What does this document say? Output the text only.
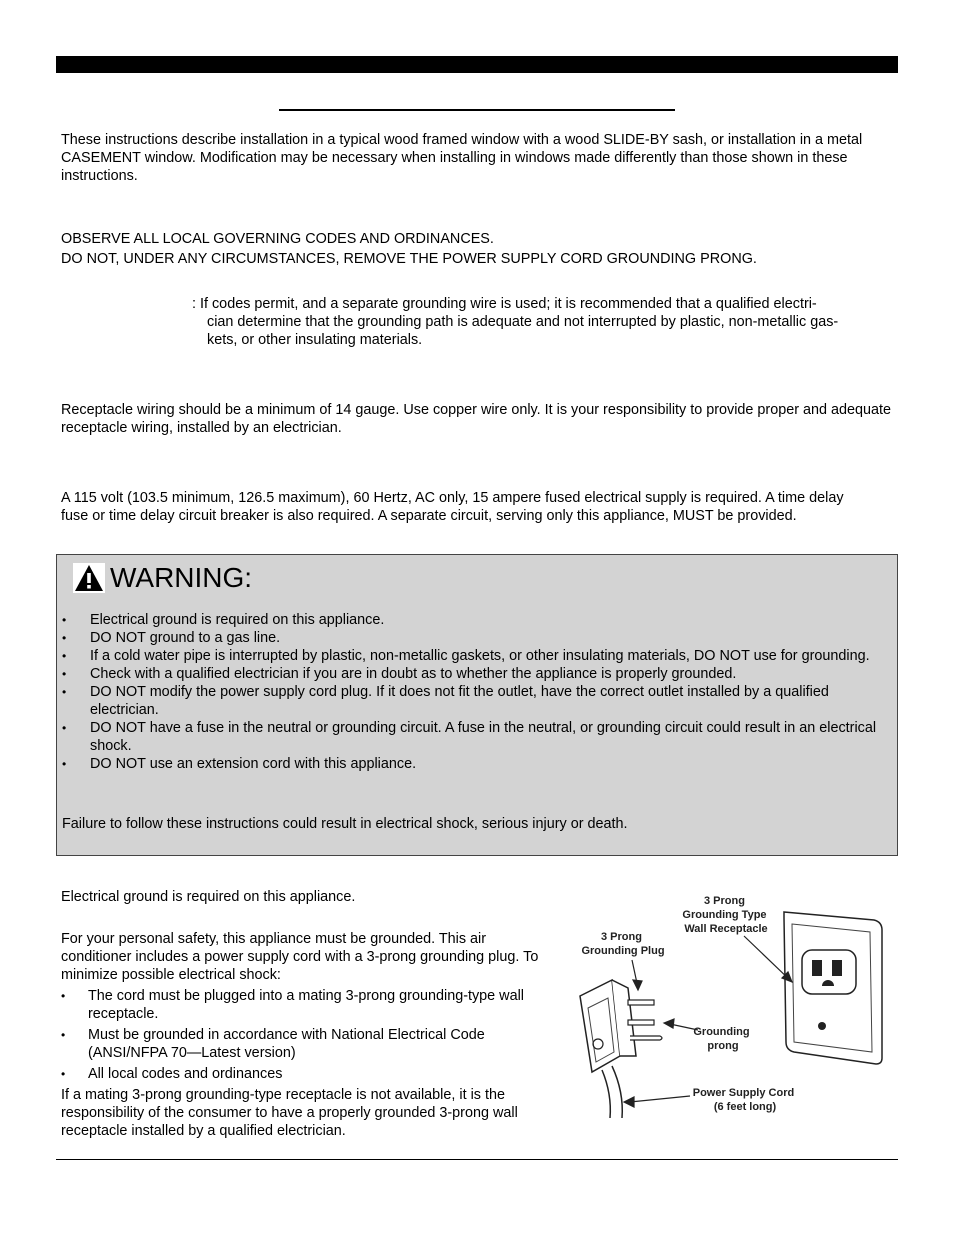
These instructions describe installation in a typical wood framed window with a wood SLIDE-BY sash, or installation in a metal CASEMENT window. Modification may be necessary when installing in windows made differently than those shown in these instructions.

OBSERVE ALL LOCAL GOVERNING CODES AND ORDINANCES.

DO NOT, UNDER ANY CIRCUMSTANCES, REMOVE THE POWER SUPPLY CORD GROUNDING PRONG.

: If codes permit, and a separate grounding wire is used; it is recommended that a qualified electri-
cian determine that the grounding path is adequate and not interrupted by plastic, non-metallic gas-
kets, or other insulating materials.

Receptacle wiring should be a minimum of 14 gauge. Use copper wire only. It is your responsibility to provide proper and adequate receptacle wiring, installed by an electrician.

A 115 volt (103.5 minimum, 126.5 maximum), 60 Hertz, AC only, 15 ampere fused electrical supply is required. A time delay fuse or time delay circuit breaker is also required. A separate circuit, serving only this appliance, MUST be provided.

WARNING:
• Electrical ground is required on this appliance.
• DO NOT ground to a gas line.
• If a cold water pipe is interrupted by plastic, non-metallic gaskets, or other insulating materials, DO NOT use for grounding.
• Check with a qualified electrician if you are in doubt as to whether the appliance is properly grounded.
• DO NOT modify the power supply cord plug. If it does not fit the outlet, have the correct outlet installed by a qualified electrician.
• DO NOT have a fuse in the neutral or grounding circuit. A fuse in the neutral, or grounding circuit could result in an electrical shock.
• DO NOT use an extension cord with this appliance.

Failure to follow these instructions could result in electrical shock, serious injury or death.

Electrical ground is required on this appliance.

For your personal safety, this appliance must be grounded. This air conditioner includes a power supply cord with a 3-prong grounding plug. To minimize possible electrical shock:

• The cord must be plugged into a mating 3-prong grounding-type wall receptacle.
• Must be grounded in accordance with National Electrical Code (ANSI/NFPA 70—Latest version)
• All local codes and ordinances

If a mating 3-prong grounding-type receptacle is not available, it is the responsibility of the consumer to have a properly grounded 3-prong wall receptacle installed by a qualified electrician.

3 Prong Grounding Type Wall Receptacle
3 Prong Grounding Plug
Grounding prong
Power Supply Cord (6 feet long)
